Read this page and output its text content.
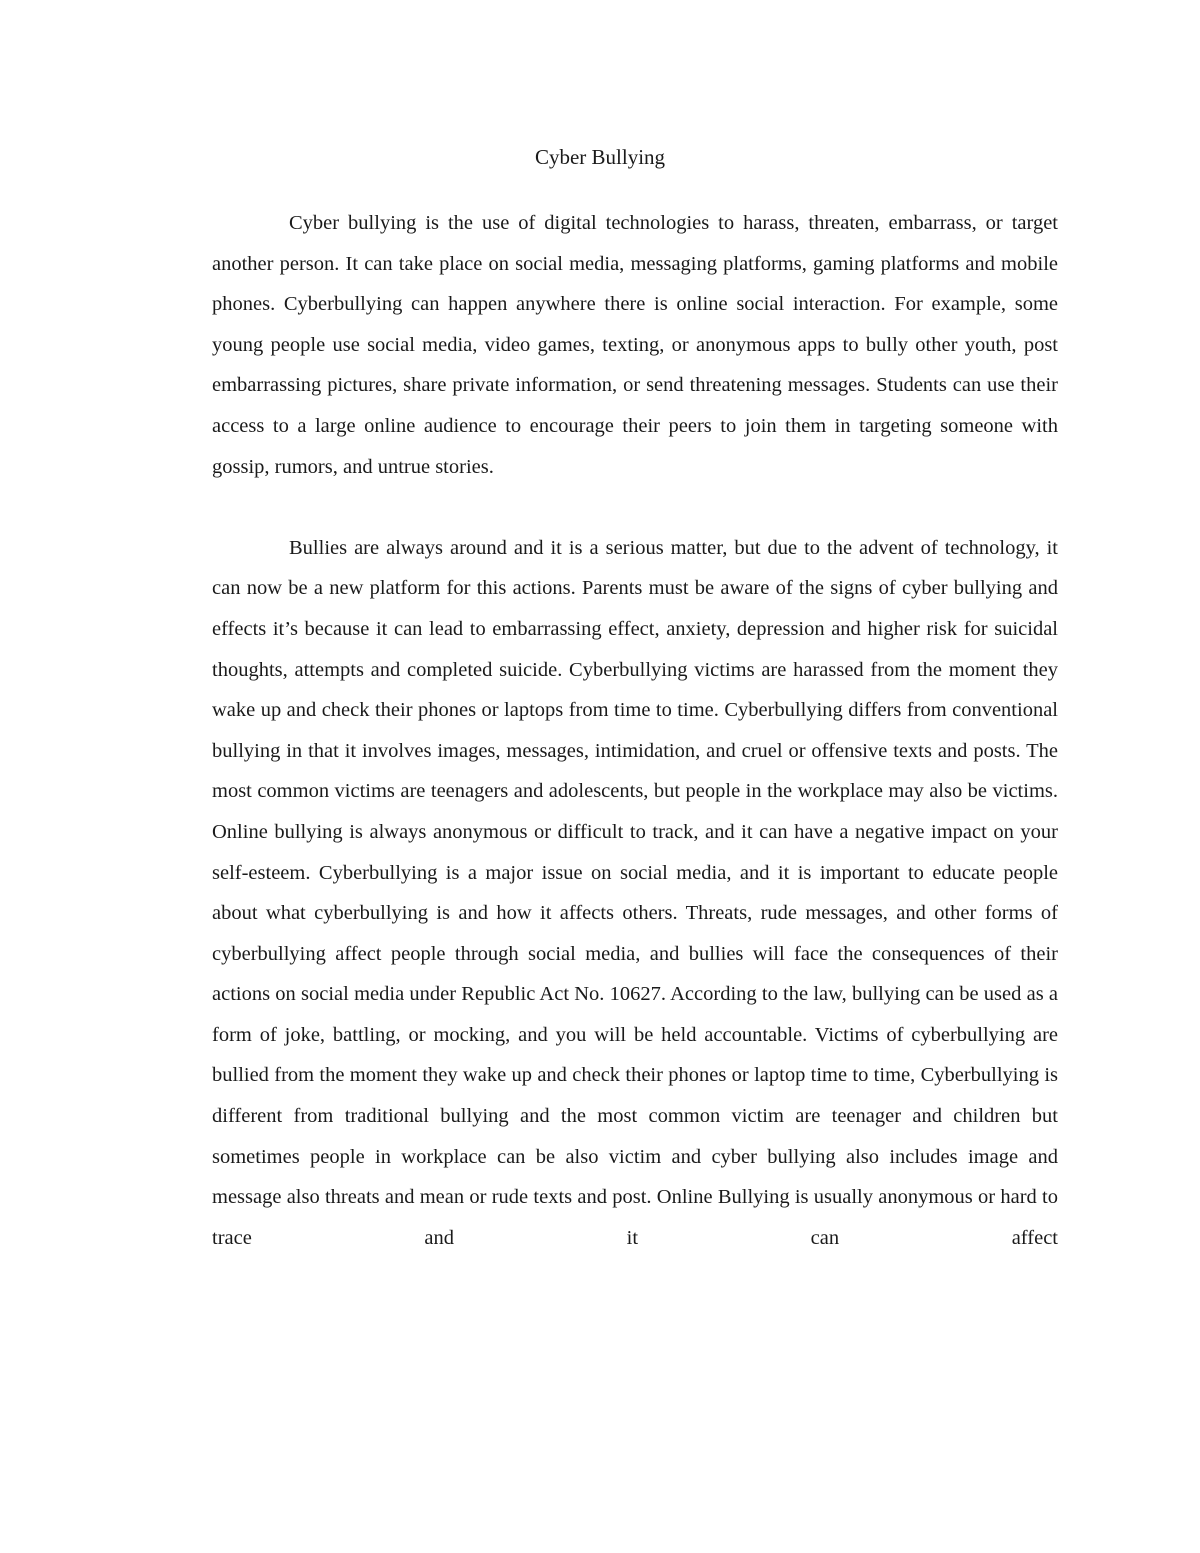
Cyber Bullying

Cyber bullying is the use of digital technologies to harass, threaten, embarrass, or target another person. It can take place on social media, messaging platforms, gaming platforms and mobile phones. Cyberbullying can happen anywhere there is online social interaction. For example, some young people use social media, video games, texting, or anonymous apps to bully other youth, post embarrassing pictures, share private information, or send threatening messages. Students can use their access to a large online audience to encourage their peers to join them in targeting someone with gossip, rumors, and untrue stories.

Bullies are always around and it is a serious matter, but due to the advent of technology, it can now be a new platform for this actions. Parents must be aware of the signs of cyber bullying and effects it’s because it can lead to embarrassing effect, anxiety, depression and higher risk for suicidal thoughts, attempts and completed suicide. Cyberbullying victims are harassed from the moment they wake up and check their phones or laptops from time to time. Cyberbullying differs from conventional bullying in that it involves images, messages, intimidation, and cruel or offensive texts and posts. The most common victims are teenagers and adolescents, but people in the workplace may also be victims. Online bullying is always anonymous or difficult to track, and it can have a negative impact on your self-esteem. Cyberbullying is a major issue on social media, and it is important to educate people about what cyberbullying is and how it affects others. Threats, rude messages, and other forms of cyberbullying affect people through social media, and bullies will face the consequences of their actions on social media under Republic Act No. 10627. According to the law, bullying can be used as a form of joke, battling, or mocking, and you will be held accountable. Victims of cyberbullying are bullied from the moment they wake up and check their phones or laptop time to time, Cyberbullying is different from traditional bullying and the most common victim are teenager and children but sometimes people in workplace can be also victim and cyber bullying also includes image and message also threats and mean or rude texts and post. Online Bullying is usually anonymous or hard to trace and it can affect
